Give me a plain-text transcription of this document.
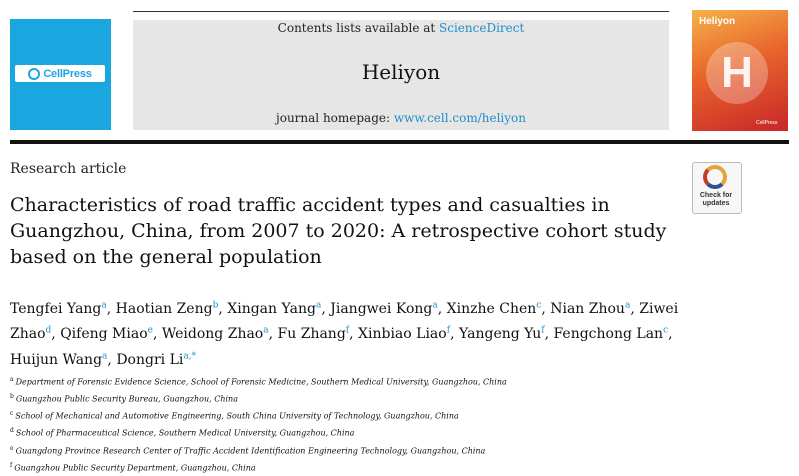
CellPress
Contents lists available at ScienceDirect
Heliyon
journal homepage: www.cell.com/heliyon
Heliyon
H
CellPress
Research article
Check for updates
Characteristics of road traffic accident types and casualties in Guangzhou, China, from 2007 to 2020: A retrospective cohort study based on the general population
Tengfei Yang$^a$, Haotian Zeng$^b$, Xingan Yang$^a$, Jiangwei Kong$^a$, Xinzhe Chen$^c$, Nian Zhou$^a$, Ziwei Zhao$^d$, Qifeng Miao$^e$, Weidong Zhao$^a$, Fu Zhang$^f$, Xinbiao Liao$^f$, Yangeng Yu$^f$, Fengchong Lan$^c$, Huijun Wang$^a$, Dongri $Li^{a,*}$
$^a$ Department of Forensic Evidence Science, School of Forensic Medicine, Southern Medical University, Guangzhou, China
$^b$ Guangzhou Public Security Bureau, Guangzhou, China
$^c$ School of Mechanical and Automotive Engineering, South China University of Technology, Guangzhou, China
$^d$ School of Pharmaceutical Science, Southern Medical University, Guangzhou, China
$^e$ Guangdong Province Research Center of Traffic Accident Identification Engineering Technology, Guangzhou, China
$^f$ Guangzhou Public Security Department, Guangzhou, China
